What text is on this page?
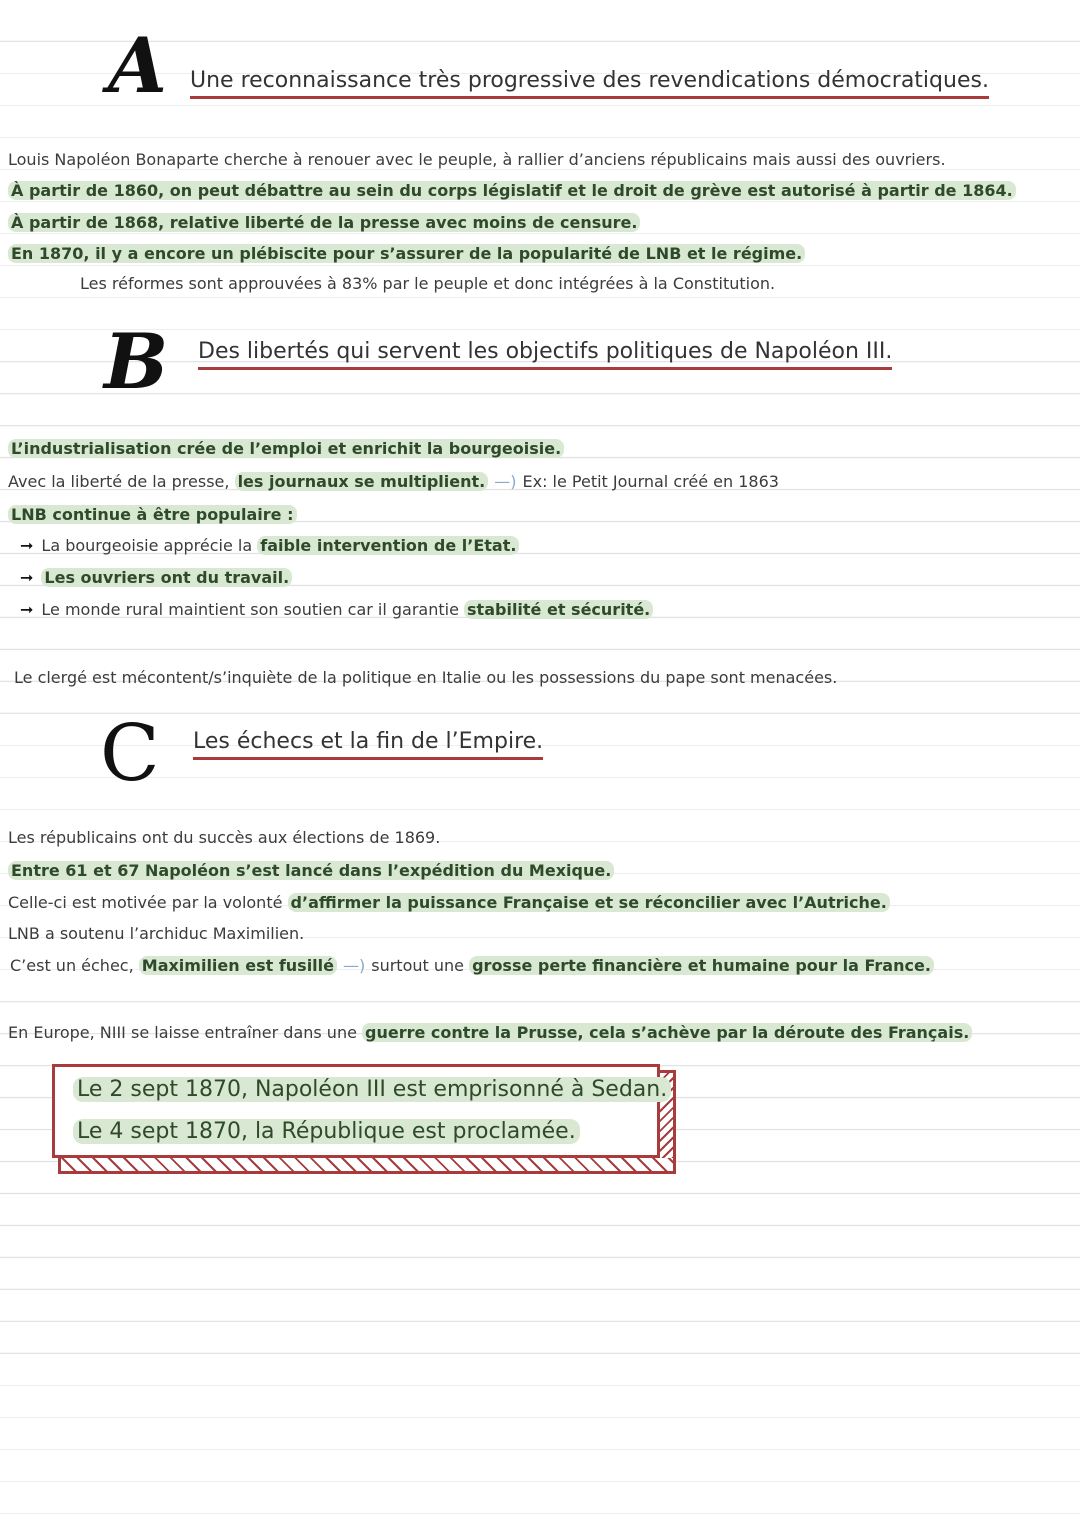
A Une reconnaissance très progressive des revendications démocratiques.
Louis Napoléon Bonaparte cherche à renouer avec le peuple, à rallier d’anciens républicains mais aussi des ouvriers.
À partir de 1860, on peut débattre au sein du corps législatif et le droit de grève est autorisé à partir de 1864.
À partir de 1868, relative liberté de la presse avec moins de censure.
En 1870, il y a encore un plébiscite pour s’assurer de la popularité de LNB et le régime.
Les réformes sont approuvées à 83% par le peuple et donc intégrées à la Constitution.
B Des libertés qui servent les objectifs politiques de Napoléon III.
L’industrialisation crée de l’emploi et enrichit la bourgeoisie.
Avec la liberté de la presse, les journaux se multiplient. —) Ex: le Petit Journal créé en 1863
LNB continue à être populaire :
➞ La bourgeoisie apprécie la faible intervention de l’Etat.
➞ Les ouvriers ont du travail.
➞ Le monde rural maintient son soutien car il garantie stabilité et sécurité.
Le clergé est mécontent/s’inquiète de la politique en Italie ou les possessions du pape sont menacées.
C Les échecs et la fin de l’Empire.
Les républicains ont du succès aux élections de 1869.
Entre 61 et 67 Napoléon s’est lancé dans l’expédition du Mexique.
Celle-ci est motivée par la volonté d’affirmer la puissance Française et se réconcilier avec l’Autriche.
LNB a soutenu l’archiduc Maximilien.
C’est un échec, Maximilien est fusillé —) surtout une grosse perte financière et humaine pour la France.
En Europe, NIII se laisse entraîner dans une guerre contre la Prusse, cela s’achève par la déroute des Français.
Le 2 sept 1870, Napoléon III est emprisonné à Sedan.
Le 4 sept 1870, la République est proclamée.
